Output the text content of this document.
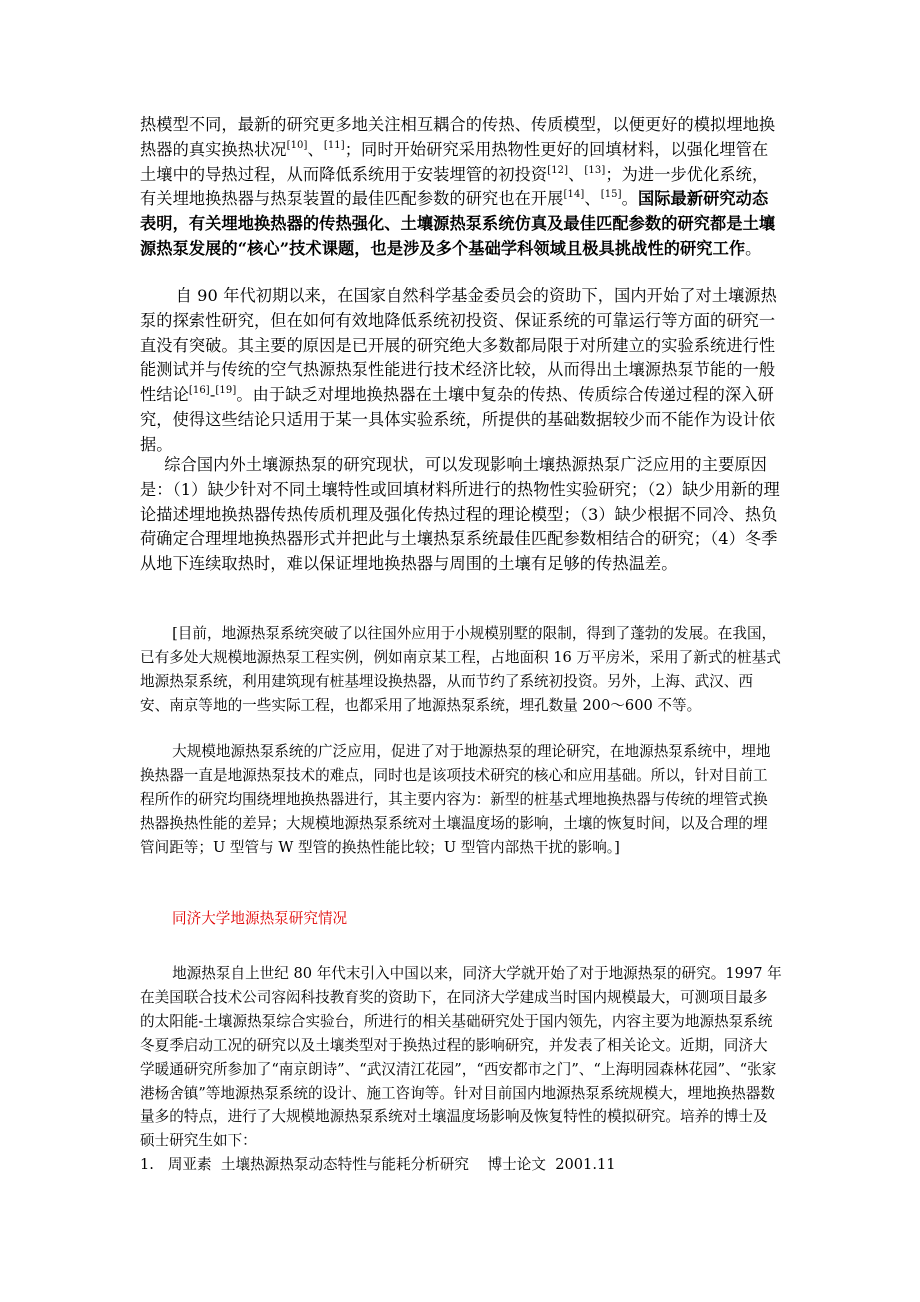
热模型不同，最新的研究更多地关注相互耦合的传热、传质模型，以便更好的模拟埋地换热器的真实换热状况[10]、[11]；同时开始研究采用热物性更好的回填材料，以强化埋管在土壤中的导热过程，从而降低系统用于安装埋管的初投资[12]、[13]；为进一步优化系统，有关埋地换热器与热泵装置的最佳匹配参数的研究也在开展[14]、[15]。国际最新研究动态表明，有关埋地换热器的传热强化、土壤源热泵系统仿真及最佳匹配参数的研究都是土壤源热泵发展的“核心”技术课题，也是涉及多个基础学科领域且极具挑战性的研究工作。

自 90 年代初期以来，在国家自然科学基金委员会的资助下，国内开始了对土壤源热泵的探索性研究，但在如何有效地降低系统初投资、保证系统的可靠运行等方面的研究一直没有突破。其主要的原因是已开展的研究绝大多数都局限于对所建立的实验系统进行性能测试并与传统的空气热源热泵性能进行技术经济比较，从而得出土壤源热泵节能的一般性结论[16]-[19]。由于缺乏对埋地换热器在土壤中复杂的传热、传质综合传递过程的深入研究，使得这些结论只适用于某一具体实验系统，所提供的基础数据较少而不能作为设计依据。

综合国内外土壤源热泵的研究现状，可以发现影响土壤热源热泵广泛应用的主要原因是：（1）缺少针对不同土壤特性或回填材料所进行的热物性实验研究；（2）缺少用新的理论描述埋地换热器传热传质机理及强化传热过程的理论模型；（3）缺少根据不同冷、热负荷确定合理埋地换热器形式并把此与土壤热泵系统最佳匹配参数相结合的研究；（4）冬季从地下连续取热时，难以保证埋地换热器与周围的土壤有足够的传热温差。

[目前，地源热泵系统突破了以往国外应用于小规模别墅的限制，得到了蓬勃的发展。在我国，已有多处大规模地源热泵工程实例，例如南京某工程，占地面积 16 万平房米，采用了新式的桩基式地源热泵系统，利用建筑现有桩基埋设换热器，从而节约了系统初投资。另外，上海、武汉、西安、南京等地的一些实际工程，也都采用了地源热泵系统，埋孔数量 200～600 不等。

大规模地源热泵系统的广泛应用，促进了对于地源热泵的理论研究，在地源热泵系统中，埋地换热器一直是地源热泵技术的难点，同时也是该项技术研究的核心和应用基础。所以，针对目前工程所作的研究均围绕埋地换热器进行，其主要内容为：新型的桩基式埋地换热器与传统的埋管式换热器换热性能的差异；大规模地源热泵系统对土壤温度场的影响，土壤的恢复时间，以及合理的埋管间距等；U 型管与 W 型管的换热性能比较；U 型管内部热干扰的影响。]

同济大学地源热泵研究情况

地源热泵自上世纪 80 年代末引入中国以来，同济大学就开始了对于地源热泵的研究。1997 年在美国联合技术公司容闳科技教育奖的资助下，在同济大学建成当时国内规模最大，可测项目最多的太阳能-土壤源热泵综合实验台，所进行的相关基础研究处于国内领先，内容主要为地源热泵系统冬夏季启动工况的研究以及土壤类型对于换热过程的影响研究，并发表了相关论文。近期，同济大学暖通研究所参加了“南京朗诗”、“武汉清江花园”，“西安都市之门”、“上海明园森林花园”、“张家港杨舍镇”等地源热泵系统的设计、施工咨询等。针对目前国内地源热泵系统规模大，埋地换热器数量多的特点，进行了大规模地源热泵系统对土壤温度场影响及恢复特性的模拟研究。培养的博士及硕士研究生如下：

1.   周亚素  土壤热源热泵动态特性与能耗分析研究    博士论文  2001.11
